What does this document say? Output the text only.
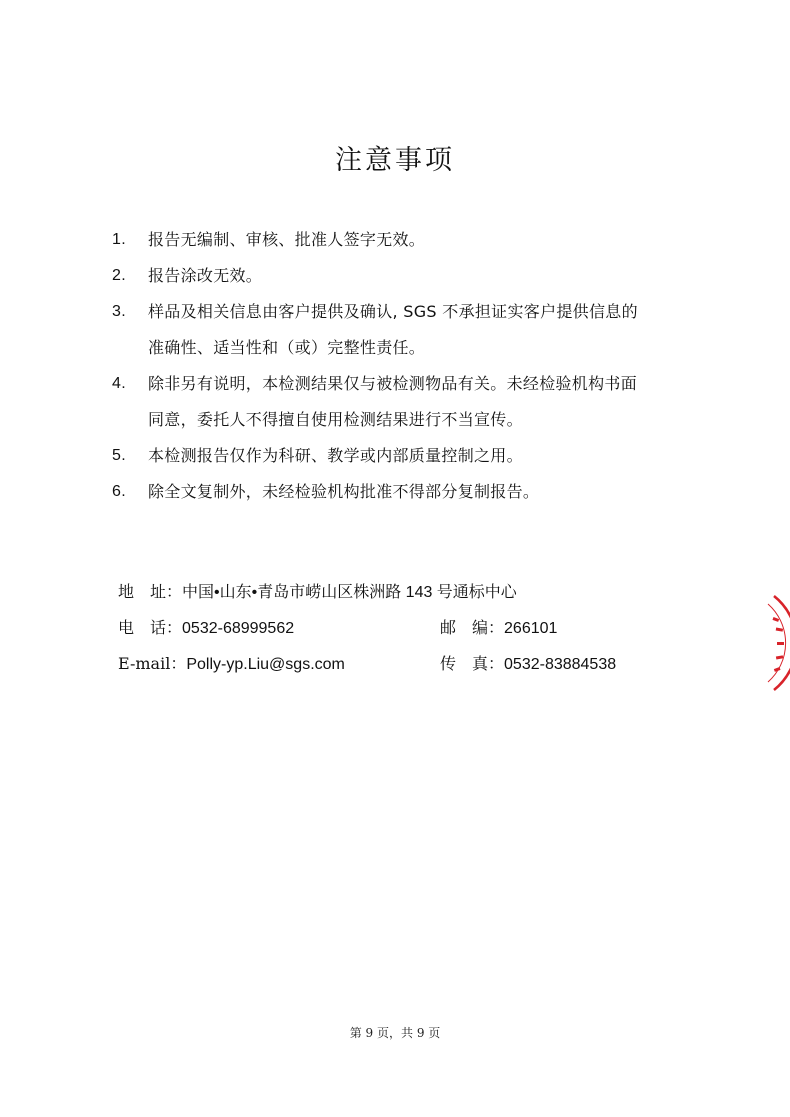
注意事项
1. 报告无编制、审核、批准人签字无效。
2. 报告涂改无效。
3. 样品及相关信息由客户提供及确认, SGS 不承担证实客户提供信息的
准确性、适当性和（或）完整性责任。
4. 除非另有说明，本检测结果仅与被检测物品有关。未经检验机构书面
同意，委托人不得擅自使用检测结果进行不当宣传。
5. 本检测报告仅作为科研、教学或内部质量控制之用。
6. 除全文复制外，未经检验机构批准不得部分复制报告。
地　址：中国•山东•青岛市崂山区株洲路 143 号通标中心
电　话：0532-68999562	邮　编：266101
E-mail：Polly-yp.Liu@sgs.com	传　真：0532-83884538
第 9 页，共 9 页
